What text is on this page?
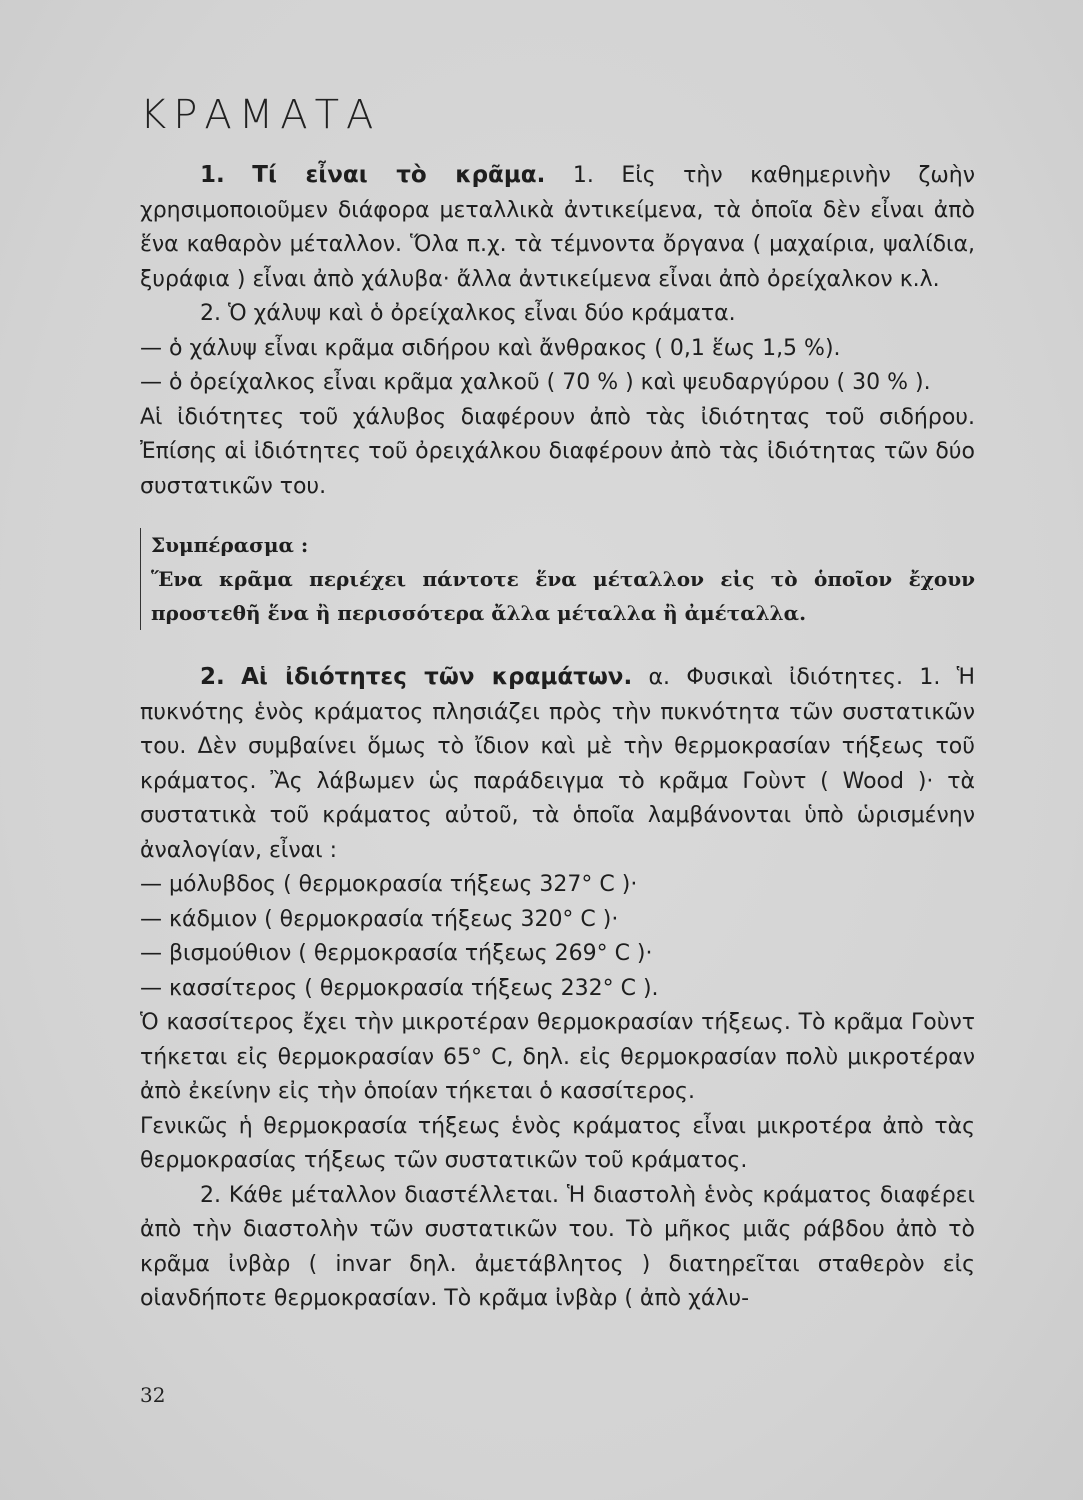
ΚΡΑΜΑΤΑ

1. Τί εἶναι τὸ κρᾶμα. 1. Εἰς τὴν καθημερινὴν ζωὴν χρησιμοποιοῦμεν διάφορα μεταλλικὰ ἀντικείμενα, τὰ ὁποῖα δὲν εἶναι ἀπὸ ἕνα καθαρὸν μέταλλον. Ὅλα π.χ. τὰ τέμνοντα ὄργανα ( μαχαίρια, ψαλίδια, ξυράφια ) εἶναι ἀπὸ χάλυβα· ἄλλα ἀντικείμενα εἶναι ἀπὸ ὀρείχαλκον κ.λ.

2. Ὁ χάλυψ καὶ ὁ ὀρείχαλκος εἶναι δύο κράματα.

— ὁ χάλυψ εἶναι κρᾶμα σιδήρου καὶ ἄνθρακος ( 0,1 ἕως 1,5 %).

— ὁ ὀρείχαλκος εἶναι κρᾶμα χαλκοῦ ( 70 % ) καὶ ψευδαργύρου ( 30 % ).

Αἱ ἰδιότητες τοῦ χάλυβος διαφέρουν ἀπὸ τὰς ἰδιότητας τοῦ σιδήρου. Ἐπίσης αἱ ἰδιότητες τοῦ ὀρειχάλκου διαφέρουν ἀπὸ τὰς ἰδιότητας τῶν δύο συστατικῶν του.

Συμπέρασμα :
Ἕνα κρᾶμα περιέχει πάντοτε ἕνα μέταλλον εἰς τὸ ὁποῖον ἔχουν προστεθῆ ἕνα ἢ περισσότερα ἄλλα μέταλλα ἢ ἀμέταλλα.

2. Αἱ ἰδιότητες τῶν κραμάτων. α. Φυσικαὶ ἰδιότητες. 1. Ἡ πυκνότης ἑνὸς κράματος πλησιάζει πρὸς τὴν πυκνότητα τῶν συστατικῶν του. Δὲν συμβαίνει ὅμως τὸ ἴδιον καὶ μὲ τὴν θερμοκρασίαν τήξεως τοῦ κράματος. Ἂς λάβωμεν ὡς παράδειγμα τὸ κρᾶμα Γοὺντ ( Wood )· τὰ συστατικὰ τοῦ κράματος αὐτοῦ, τὰ ὁποῖα λαμβάνονται ὑπὸ ὡρισμένην ἀναλογίαν, εἶναι :

— μόλυβδος ( θερμοκρασία τήξεως 327° C )·

— κάδμιον ( θερμοκρασία τήξεως 320° C )·

— βισμούθιον ( θερμοκρασία τήξεως 269° C )·

— κασσίτερος ( θερμοκρασία τήξεως 232° C ).

Ὁ κασσίτερος ἔχει τὴν μικροτέραν θερμοκρασίαν τήξεως. Τὸ κρᾶμα Γοὺντ τήκεται εἰς θερμοκρασίαν 65° C, δηλ. εἰς θερμοκρασίαν πολὺ μικροτέραν ἀπὸ ἐκείνην εἰς τὴν ὁποίαν τήκεται ὁ κασσίτερος.

Γενικῶς ἡ θερμοκρασία τήξεως ἑνὸς κράματος εἶναι μικροτέρα ἀπὸ τὰς θερμοκρασίας τήξεως τῶν συστατικῶν τοῦ κράματος.

2. Κάθε μέταλλον διαστέλλεται. Ἡ διαστολὴ ἑνὸς κράματος διαφέρει ἀπὸ τὴν διαστολὴν τῶν συστατικῶν του. Τὸ μῆκος μιᾶς ράβδου ἀπὸ τὸ κρᾶμα ἰνβὰρ ( invar δηλ. ἀμετάβλητος ) διατηρεῖται σταθερὸν εἰς οἱανδήποτε θερμοκρασίαν. Τὸ κρᾶμα ἰνβὰρ ( ἀπὸ χάλυ-

32
